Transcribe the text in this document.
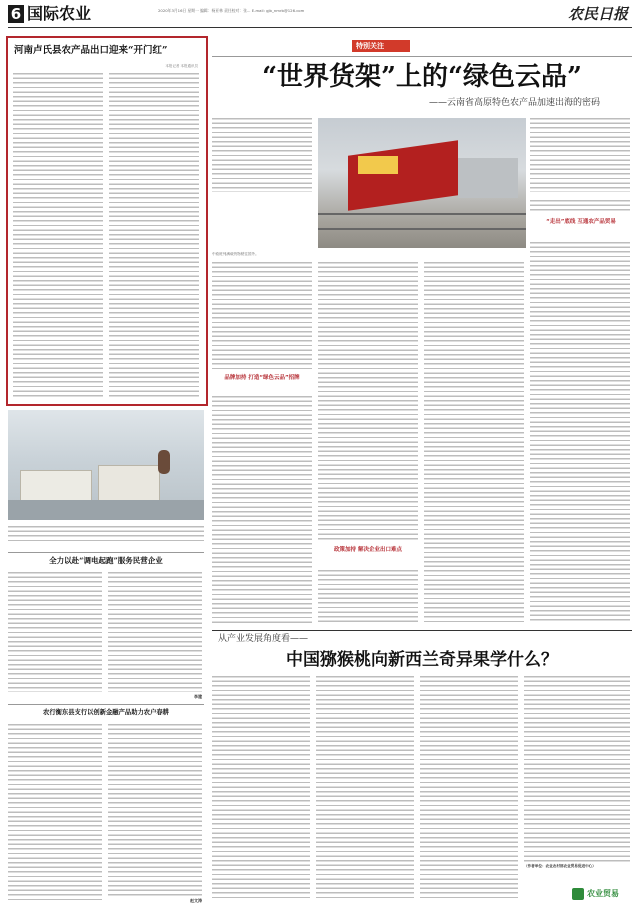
6 国际农业	2020年3月16日 星期一 编辑：杨亚林 责任校对：张... E-mail: gjb_nmrb@126.com	农民日报
河南卢氏县农产品出口迎来“开门红”
本报记者 本报通讯员
特别关注
“世界货架”上的“绿色云品”
——云南省高原特色农产品加速出海的密码
中欧班列满载货物驶往国外。
“走出”底线 互通农产品贸易
品牌加持 打造“绿色云品”招牌
政策加持 解决企业出口难点
全力以赴“调电起跑”服务民营企业
李建
农行衡东县支行以创新金融产品助力农户春耕
赵文涛
从产业发展角度看——
中国猕猴桃向新西兰奇异果学什么？
（作者单位：农业农村部农业贸易促进中心）
农业贸易
